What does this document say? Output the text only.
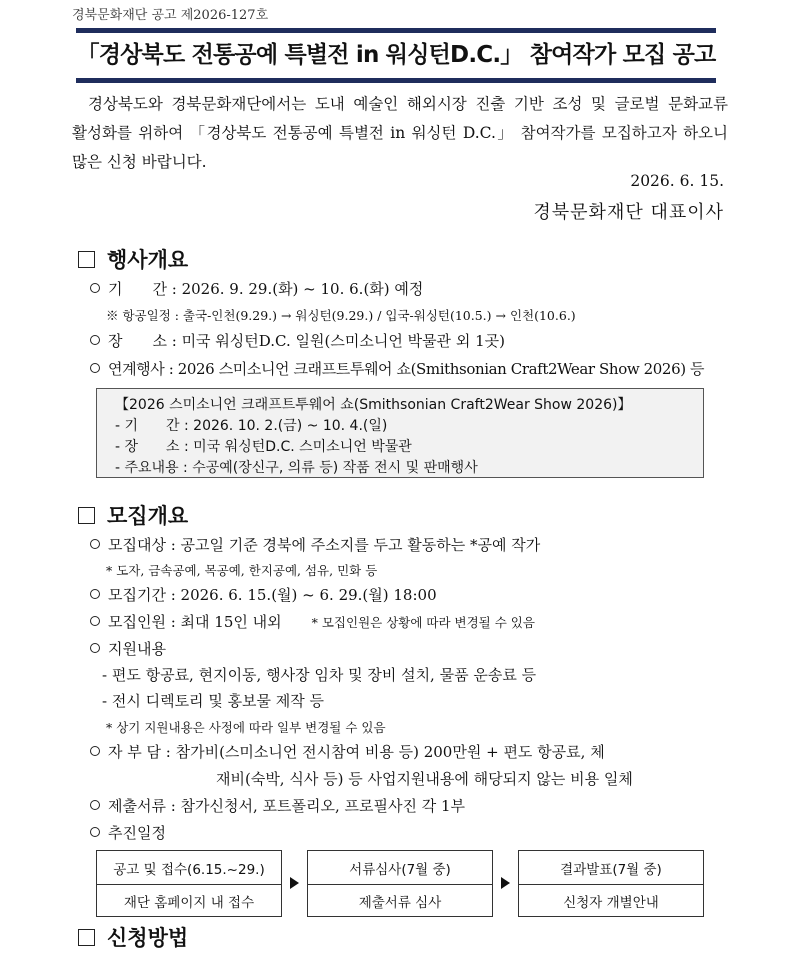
경북문화재단 공고 제2026-127호
「경상북도 전통공예 특별전 in 워싱턴D.C.」 참여작가 모집 공고
경상북도와 경북문화재단에서는 도내 예술인 해외시장 진출 기반 조성 및 글로벌 문화교류 활성화를 위하여 「경상북도 전통공예 특별전 in 워싱턴 D.C.」 참여작가를 모집하고자 하오니 많은 신청 바랍니다.
2026. 6. 15.
경북문화재단 대표이사
행사개요
기　　간 : 2026. 9. 29.(화) ~ 10. 6.(화) 예정
※ 항공일정 : 출국-인천(9.29.) → 워싱턴(9.29.) / 입국-워싱턴(10.5.) → 인천(10.6.)
장　　소 : 미국 워싱턴D.C. 일원(스미소니언 박물관 외 1곳)
연계행사 : 2026 스미소니언 크래프트투웨어 쇼(Smithsonian Craft2Wear Show 2026) 등
【2026 스미소니언 크래프트투웨어 쇼(Smithsonian Craft2Wear Show 2026)】
- 기　　간 : 2026. 10. 2.(금) ~ 10. 4.(일)
- 장　　소 : 미국 워싱턴D.C. 스미소니언 박물관
- 주요내용 : 수공예(장신구, 의류 등) 작품 전시 및 판매행사
모집개요
모집대상 : 공고일 기준 경북에 주소지를 두고 활동하는 *공예 작가
* 도자, 금속공예, 목공예, 한지공예, 섬유, 민화 등
모집기간 : 2026. 6. 15.(월) ~ 6. 29.(월) 18:00
모집인원 : 최대 15인 내외 * 모집인원은 상황에 따라 변경될 수 있음
지원내용
- 편도 항공료, 현지이동, 행사장 임차 및 장비 설치, 물품 운송료 등
- 전시 디렉토리 및 홍보물 제작 등
* 상기 지원내용은 사정에 따라 일부 변경될 수 있음
자 부 담 : 참가비(스미소니언 전시참여 비용 등) 200만원 + 편도 항공료, 체
재비(숙박, 식사 등) 등 사업지원내용에 해당되지 않는 비용 일체
제출서류 : 참가신청서, 포트폴리오, 프로필사진 각 1부
추진일정
공고 및 접수(6.15.~29.)
재단 홈페이지 내 접수
서류심사(7월 중)
제출서류 심사
결과발표(7월 중)
신청자 개별안내
신청방법
